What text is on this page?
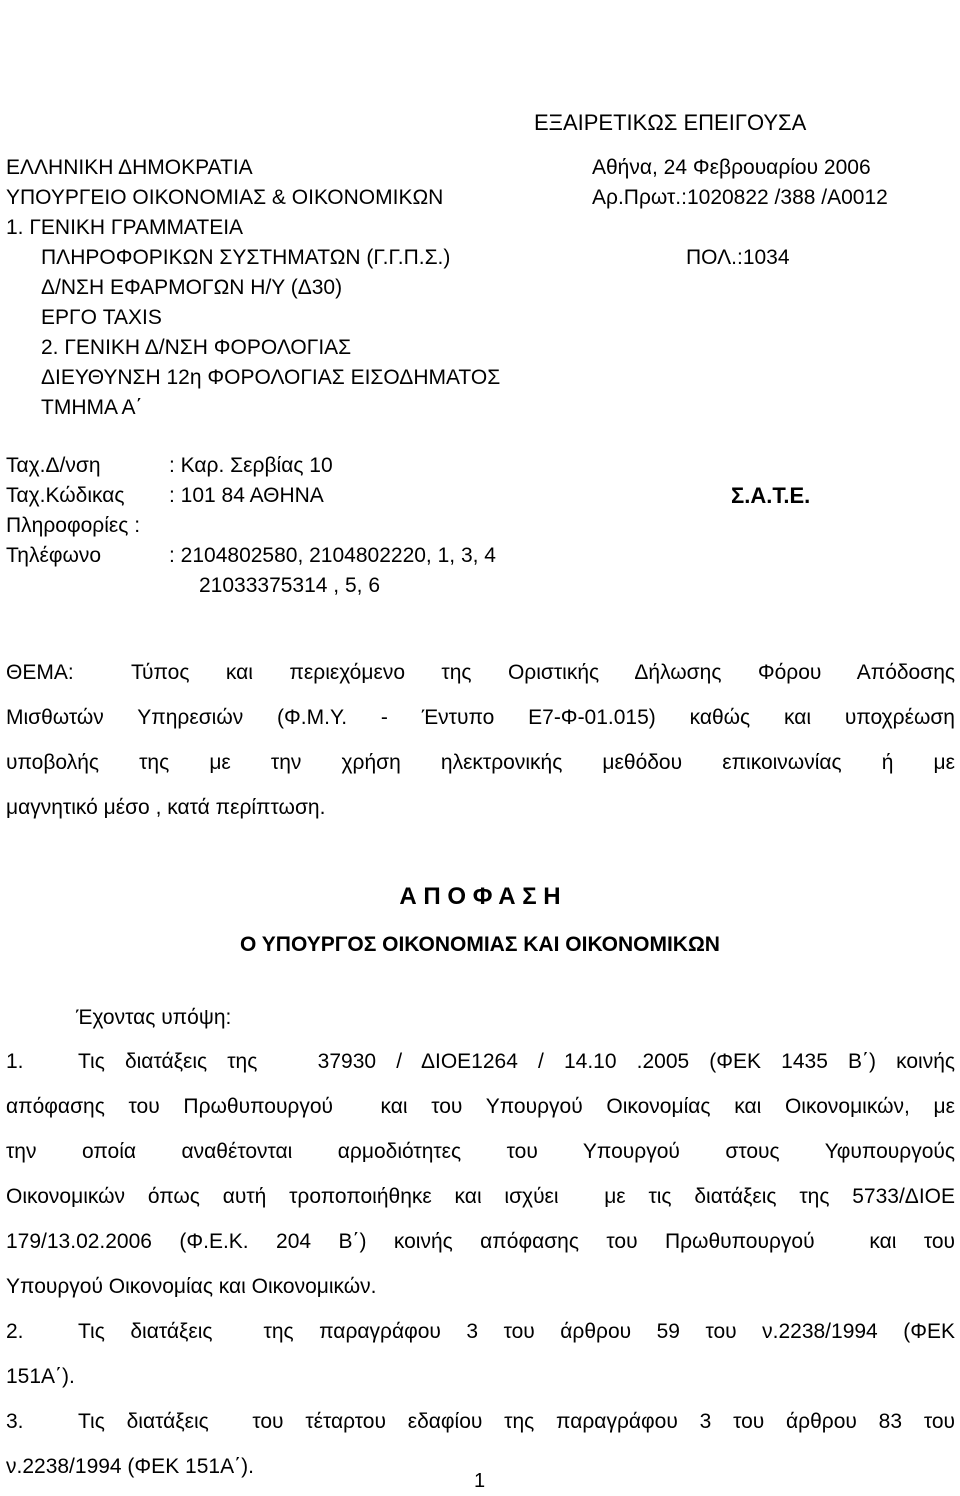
ΕΞΑΙΡΕΤΙΚΩΣ ΕΠΕΙΓΟΥΣΑ
ΕΛΛΗΝΙΚΗ ΔΗΜΟΚΡΑΤΙΑ
ΥΠΟΥΡΓΕΙΟ ΟΙΚΟΝΟΜΙΑΣ & ΟΙΚΟΝΟΜΙΚΩΝ
1. ΓΕΝΙΚΗ ΓΡΑΜΜΑΤΕΙΑ
ΠΛΗΡΟΦΟΡΙΚΩΝ ΣΥΣΤΗΜΑΤΩΝ (Γ.Γ.Π.Σ.)
Δ/ΝΣΗ ΕΦΑΡΜΟΓΩΝ Η/Υ (Δ30)
ΕΡΓΟ TAXIS
2. ΓΕΝΙΚΗ Δ/ΝΣΗ ΦΟΡΟΛΟΓΙΑΣ
ΔΙΕΥΘΥΝΣΗ 12η ΦΟΡΟΛΟΓΙΑΣ ΕΙΣΟΔΗΜΑΤΟΣ
ΤΜΗΜΑ Α΄
Αθήνα, 24 Φεβρουαρίου 2006
Αρ.Πρωτ.:1020822 /388 /Α0012
ΠΟΛ.:1034
Σ.Α.Τ.Ε.
Ταχ.Δ/νση	: Καρ. Σερβίας 10
Ταχ.Κώδικας : 101 84 ΑΘΗΝΑ
Πληροφορίες :
Τηλέφωνο	: 2104802580, 2104802220, 1, 3, 4
21033375314 , 5, 6
ΘΕΜΑ:	Τύπος και περιεχόμενο της Οριστικής Δήλωσης Φόρου Απόδοσης
Μισθωτών Υπηρεσιών (Φ.Μ.Υ. - Έντυπο Ε7-Φ-01.015) καθώς και υποχρέωση
υποβολής της με την χρήση ηλεκτρονικής μεθόδου επικοινωνίας ή με
μαγνητικό μέσο , κατά περίπτωση.
Α Π Ο Φ Α Σ Η
Ο ΥΠΟΥΡΓΟΣ ΟΙΚΟΝΟΜΙΑΣ ΚΑΙ ΟΙΚΟΝΟΜΙΚΩΝ
Έχοντας υπόψη:
1.	Τις διατάξεις της   37930 / ΔΙΟΕ1264 / 14.10 .2005 (ΦΕΚ 1435 Β΄) κοινής
απόφασης του Πρωθυπουργού  και του Υπουργού Οικονομίας και Οικονομικών, με
την οποία αναθέτονται αρμοδιότητες του Υπουργού στους Υφυπουργούς
Οικονομικών όπως αυτή τροποποιήθηκε και ισχύει  με τις διατάξεις της 5733/ΔΙΟΕ
179/13.02.2006 (Φ.Ε.Κ. 204 Β΄) κοινής απόφασης του Πρωθυπουργού  και του
Υπουργού Οικονομίας και Οικονομικών.
2.	Τις διατάξεις  της παραγράφου 3 του άρθρου 59 του ν.2238/1994 (ΦΕΚ
151Α΄).
3.	Τις διατάξεις  του τέταρτου εδαφίου της παραγράφου 3 του άρθρου 83 του
ν.2238/1994 (ΦΕΚ 151Α΄).
1
